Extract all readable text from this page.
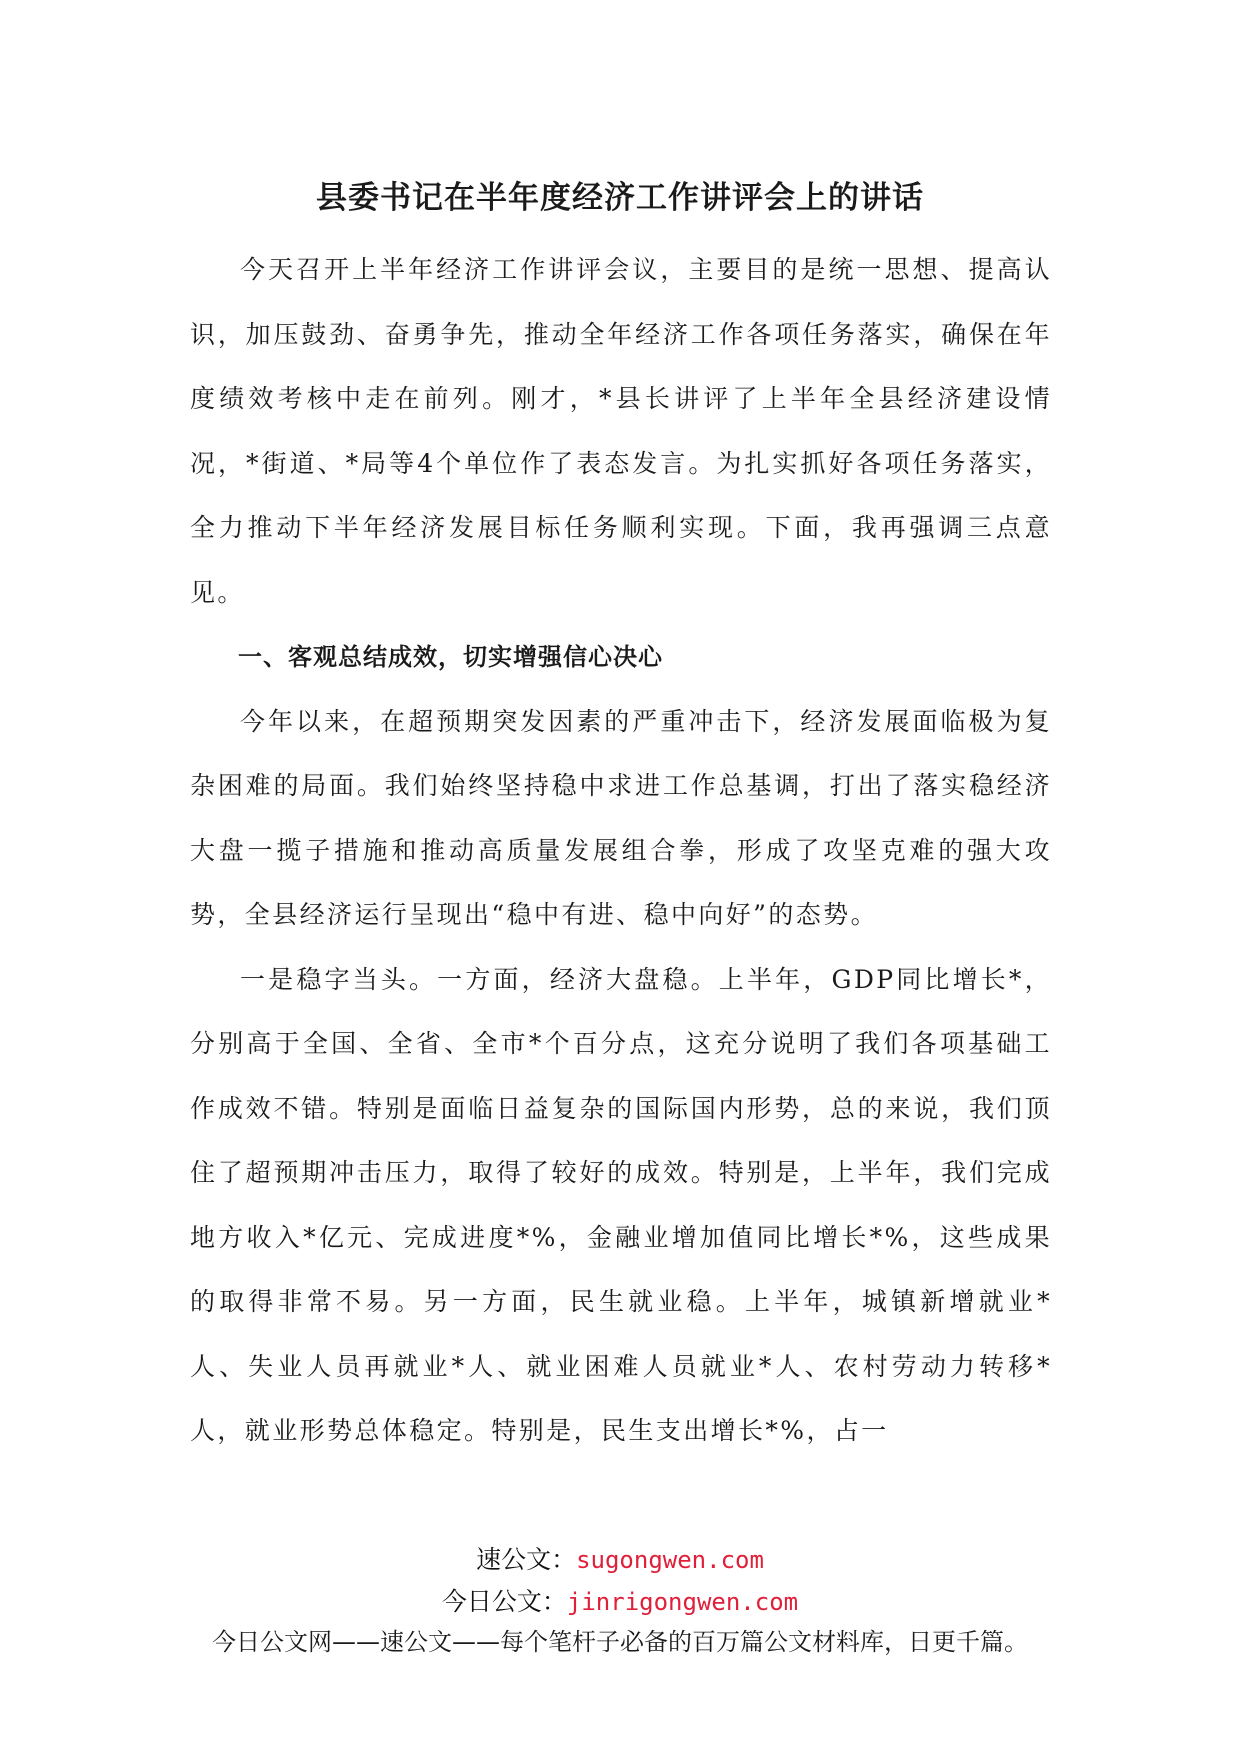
县委书记在半年度经济工作讲评会上的讲话

今天召开上半年经济工作讲评会议，主要目的是统一思想、提高认识，加压鼓劲、奋勇争先，推动全年经济工作各项任务落实，确保在年度绩效考核中走在前列。刚才，*县长讲评了上半年全县经济建设情况，*街道、*局等4个单位作了表态发言。为扎实抓好各项任务落实，全力推动下半年经济发展目标任务顺利实现。下面，我再强调三点意见。

一、客观总结成效，切实增强信心决心

今年以来，在超预期突发因素的严重冲击下，经济发展面临极为复杂困难的局面。我们始终坚持稳中求进工作总基调，打出了落实稳经济大盘一揽子措施和推动高质量发展组合拳，形成了攻坚克难的强大攻势，全县经济运行呈现出“稳中有进、稳中向好”的态势。

一是稳字当头。一方面，经济大盘稳。上半年，GDP同比增长*，分别高于全国、全省、全市*个百分点，这充分说明了我们各项基础工作成效不错。特别是面临日益复杂的国际国内形势，总的来说，我们顶住了超预期冲击压力，取得了较好的成效。特别是，上半年，我们完成地方收入*亿元、完成进度*%，金融业增加值同比增长*%，这些成果的取得非常不易。另一方面，民生就业稳。上半年，城镇新增就业*人、失业人员再就业*人、就业困难人员就业*人、农村劳动力转移*人，就业形势总体稳定。特别是，民生支出增长*%，占一

速公文：sugongwen.com
今日公文：jinrigongwen.com
今日公文网——速公文——每个笔杆子必备的百万篇公文材料库，日更千篇。
